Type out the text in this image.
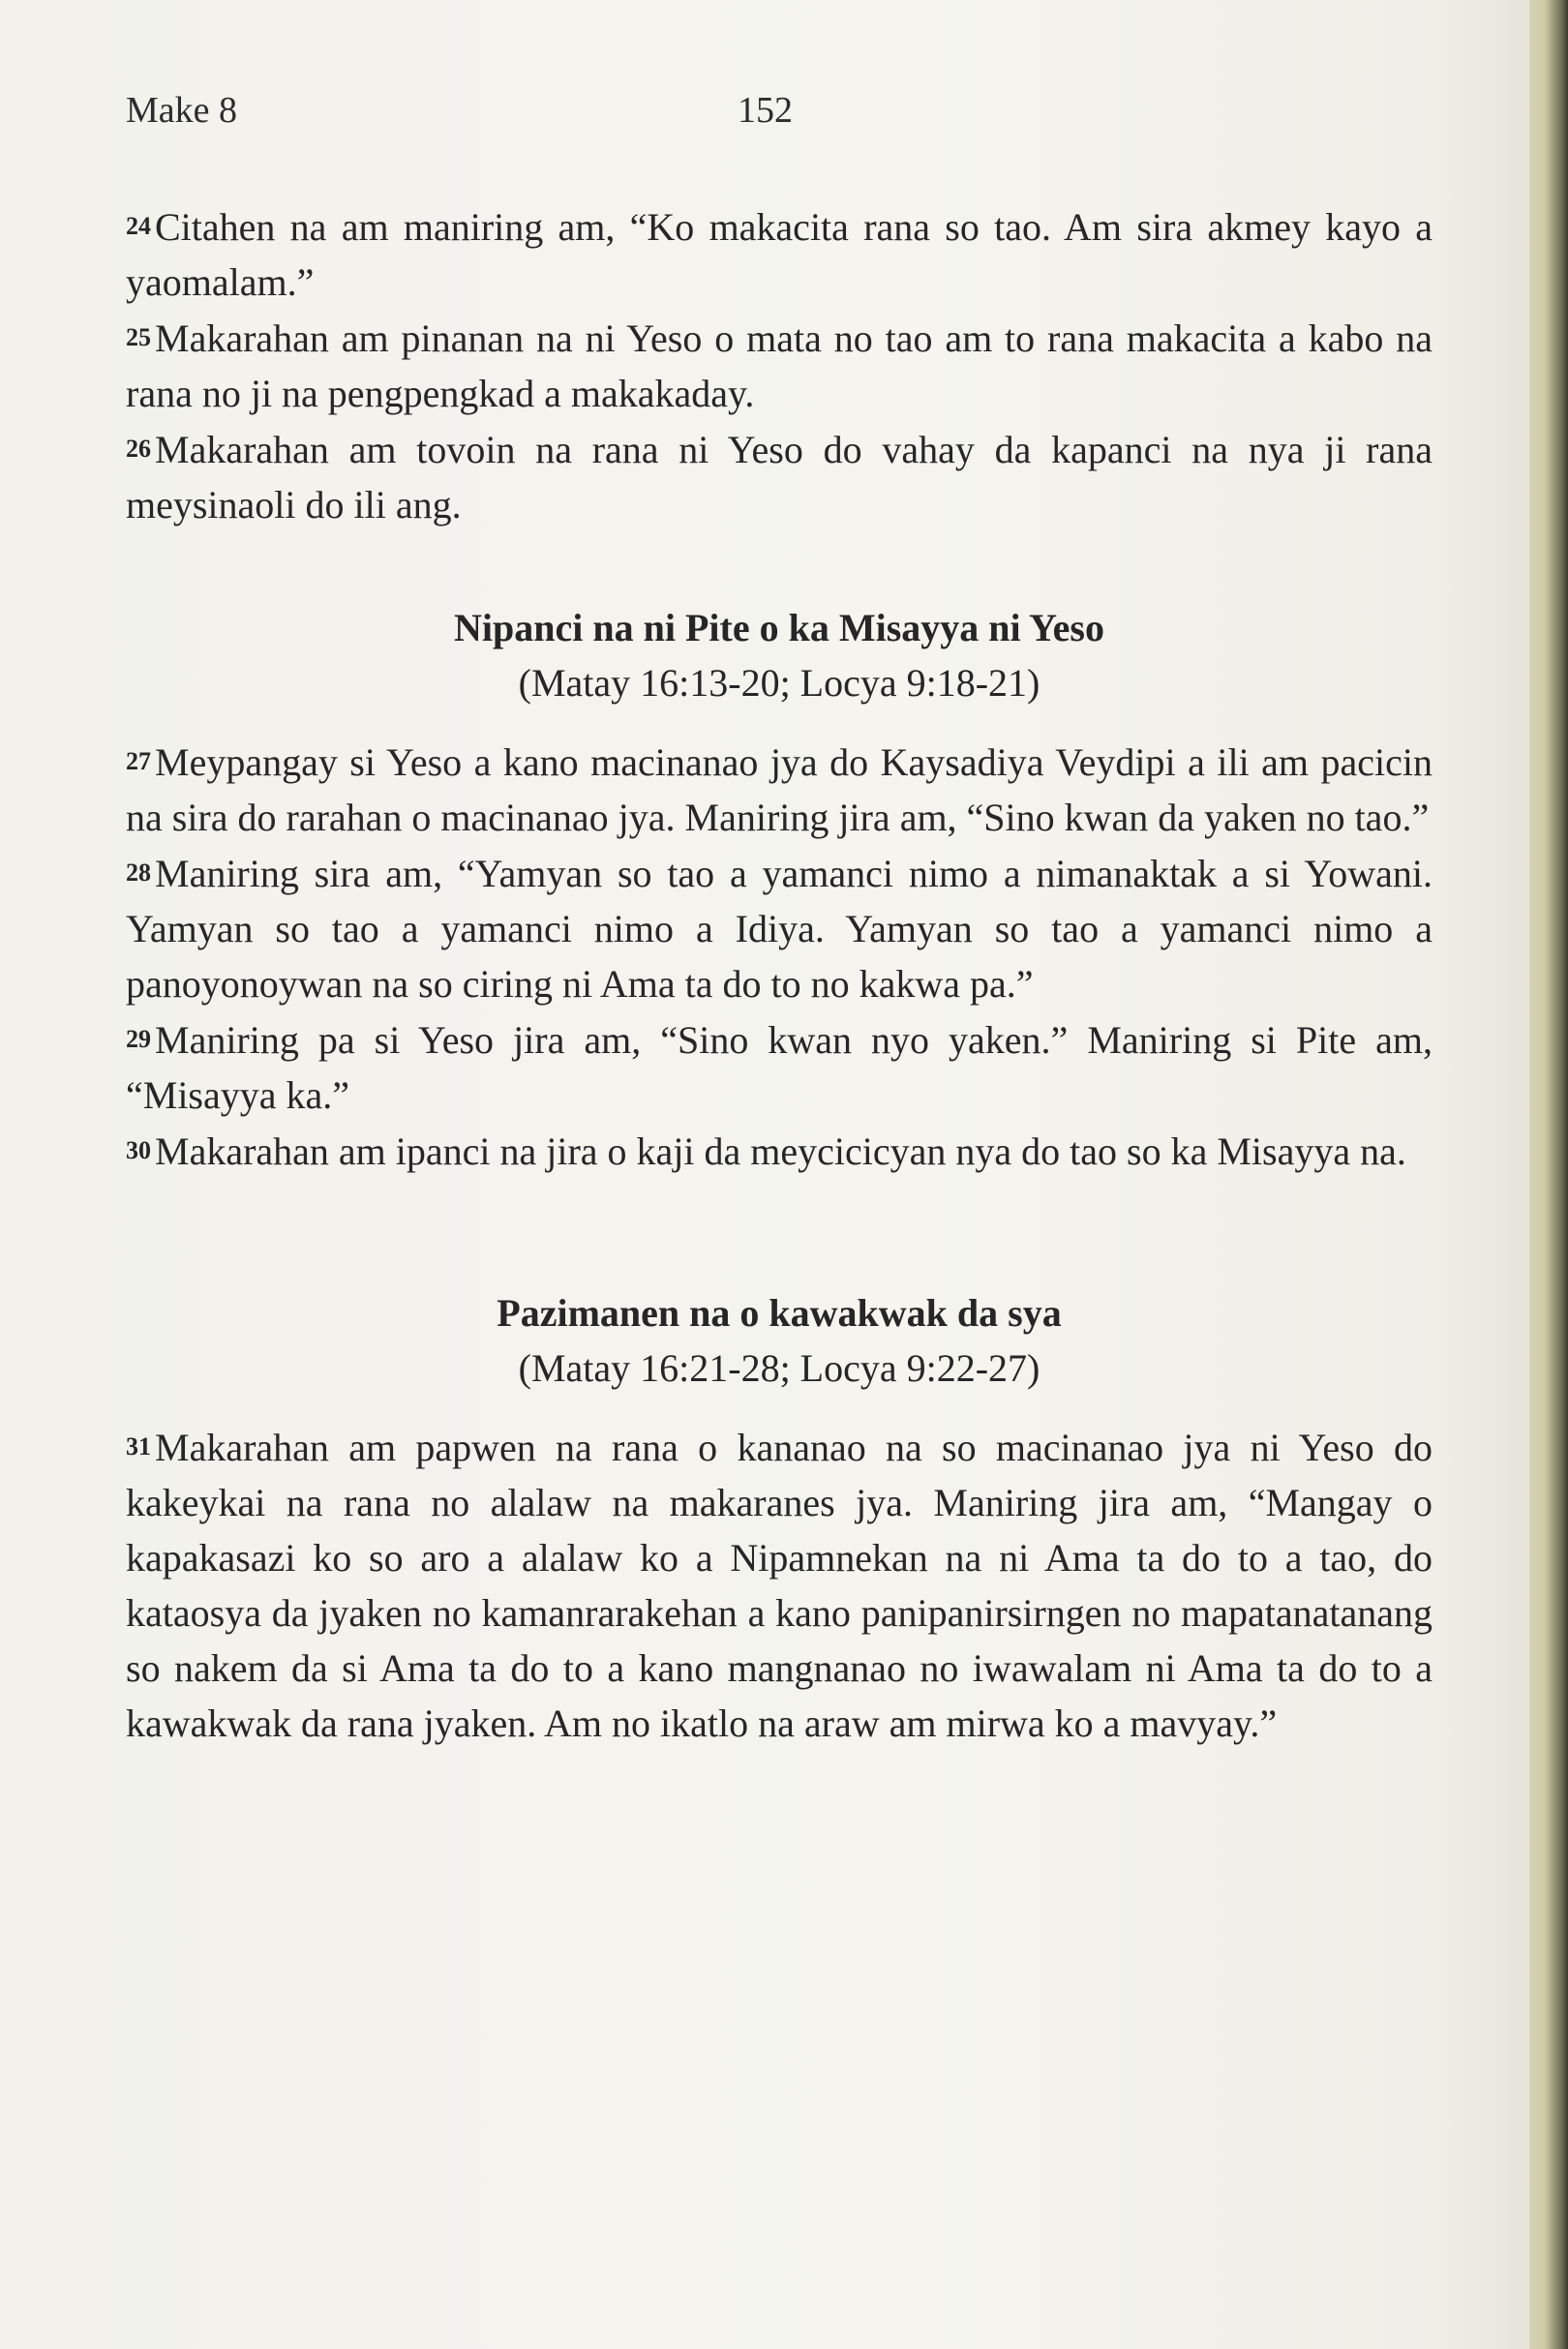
Make 8	152

24 Citahen na am maniring am, “Ko makacita rana so tao. Am sira akmey kayo a yaomalam.”

25 Makarahan am pinanan na ni Yeso o mata no tao am to rana makacita a kabo na rana no ji na pengpengkad a makakaday.

26 Makarahan am tovoin na rana ni Yeso do vahay da kapanci na nya ji rana meysinaoli do ili ang.

Nipanci na ni Pite o ka Misayya ni Yeso

(Matay 16:13-20; Locya 9:18-21)

27 Meypangay si Yeso a kano macinanao jya do Kaysadiya Veydipi a ili am pacicin na sira do rarahan o macinanao jya. Maniring jira am, “Sino kwan da yaken no tao.”

28 Maniring sira am, “Yamyan so tao a yamanci nimo a nimanaktak a si Yowani. Yamyan so tao a yamanci nimo a Idiya. Yamyan so tao a yamanci nimo a panoyonoywan na so ciring ni Ama ta do to no kakwa pa.”

29 Maniring pa si Yeso jira am, “Sino kwan nyo yaken.” Maniring si Pite am, “Misayya ka.”

30 Makarahan am ipanci na jira o kaji da meycicicyan nya do tao so ka Misayya na.

Pazimanen na o kawakwak da sya

(Matay 16:21-28; Locya 9:22-27)

31 Makarahan am papwen na rana o kananao na so macinanao jya ni Yeso do kakeykai na rana no alalaw na makaranes jya. Maniring jira am, “Mangay o kapakasazi ko so aro a alalaw ko a Nipamnekan na ni Ama ta do to a tao, do kataosya da jyaken no kamanrarakehan a kano panipanirsirngen no mapatanatanang so nakem da si Ama ta do to a kano mangnanao no iwawalam ni Ama ta do to a kawakwak da rana jyaken. Am no ikatlo na araw am mirwa ko a mavyay.”
